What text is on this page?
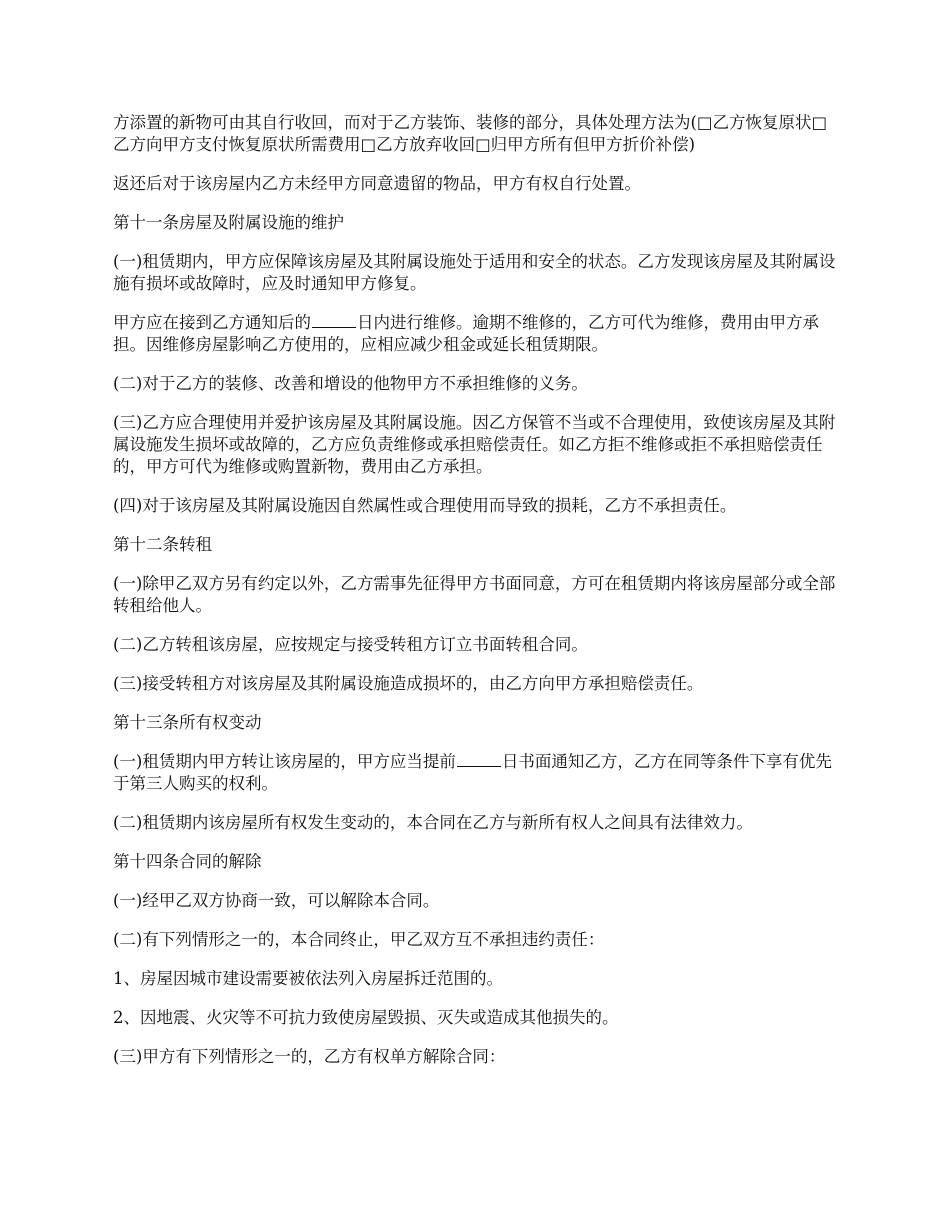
方添置的新物可由其自行收回，而对于乙方装饰、装修的部分，具体处理方法为(□乙方恢复原状□乙方向甲方支付恢复原状所需费用□乙方放弃收回□归甲方所有但甲方折价补偿)

返还后对于该房屋内乙方未经甲方同意遗留的物品，甲方有权自行处置。

第十一条房屋及附属设施的维护

(一)租赁期内，甲方应保障该房屋及其附属设施处于适用和安全的状态。乙方发现该房屋及其附属设施有损坏或故障时，应及时通知甲方修复。

甲方应在接到乙方通知后的	日内进行维修。逾期不维修的，乙方可代为维修，费用由甲方承担。因维修房屋影响乙方使用的，应相应减少租金或延长租赁期限。

(二)对于乙方的装修、改善和增设的他物甲方不承担维修的义务。

(三)乙方应合理使用并爱护该房屋及其附属设施。因乙方保管不当或不合理使用，致使该房屋及其附属设施发生损坏或故障的，乙方应负责维修或承担赔偿责任。如乙方拒不维修或拒不承担赔偿责任的，甲方可代为维修或购置新物，费用由乙方承担。

(四)对于该房屋及其附属设施因自然属性或合理使用而导致的损耗，乙方不承担责任。

第十二条转租

(一)除甲乙双方另有约定以外，乙方需事先征得甲方书面同意，方可在租赁期内将该房屋部分或全部转租给他人。

(二)乙方转租该房屋，应按规定与接受转租方订立书面转租合同。

(三)接受转租方对该房屋及其附属设施造成损坏的，由乙方向甲方承担赔偿责任。

第十三条所有权变动

(一)租赁期内甲方转让该房屋的，甲方应当提前	日书面通知乙方，乙方在同等条件下享有优先于第三人购买的权利。

(二)租赁期内该房屋所有权发生变动的，本合同在乙方与新所有权人之间具有法律效力。

第十四条合同的解除

(一)经甲乙双方协商一致，可以解除本合同。

(二)有下列情形之一的，本合同终止，甲乙双方互不承担违约责任：

1、房屋因城市建设需要被依法列入房屋拆迁范围的。

2、因地震、火灾等不可抗力致使房屋毁损、灭失或造成其他损失的。

(三)甲方有下列情形之一的，乙方有权单方解除合同：
